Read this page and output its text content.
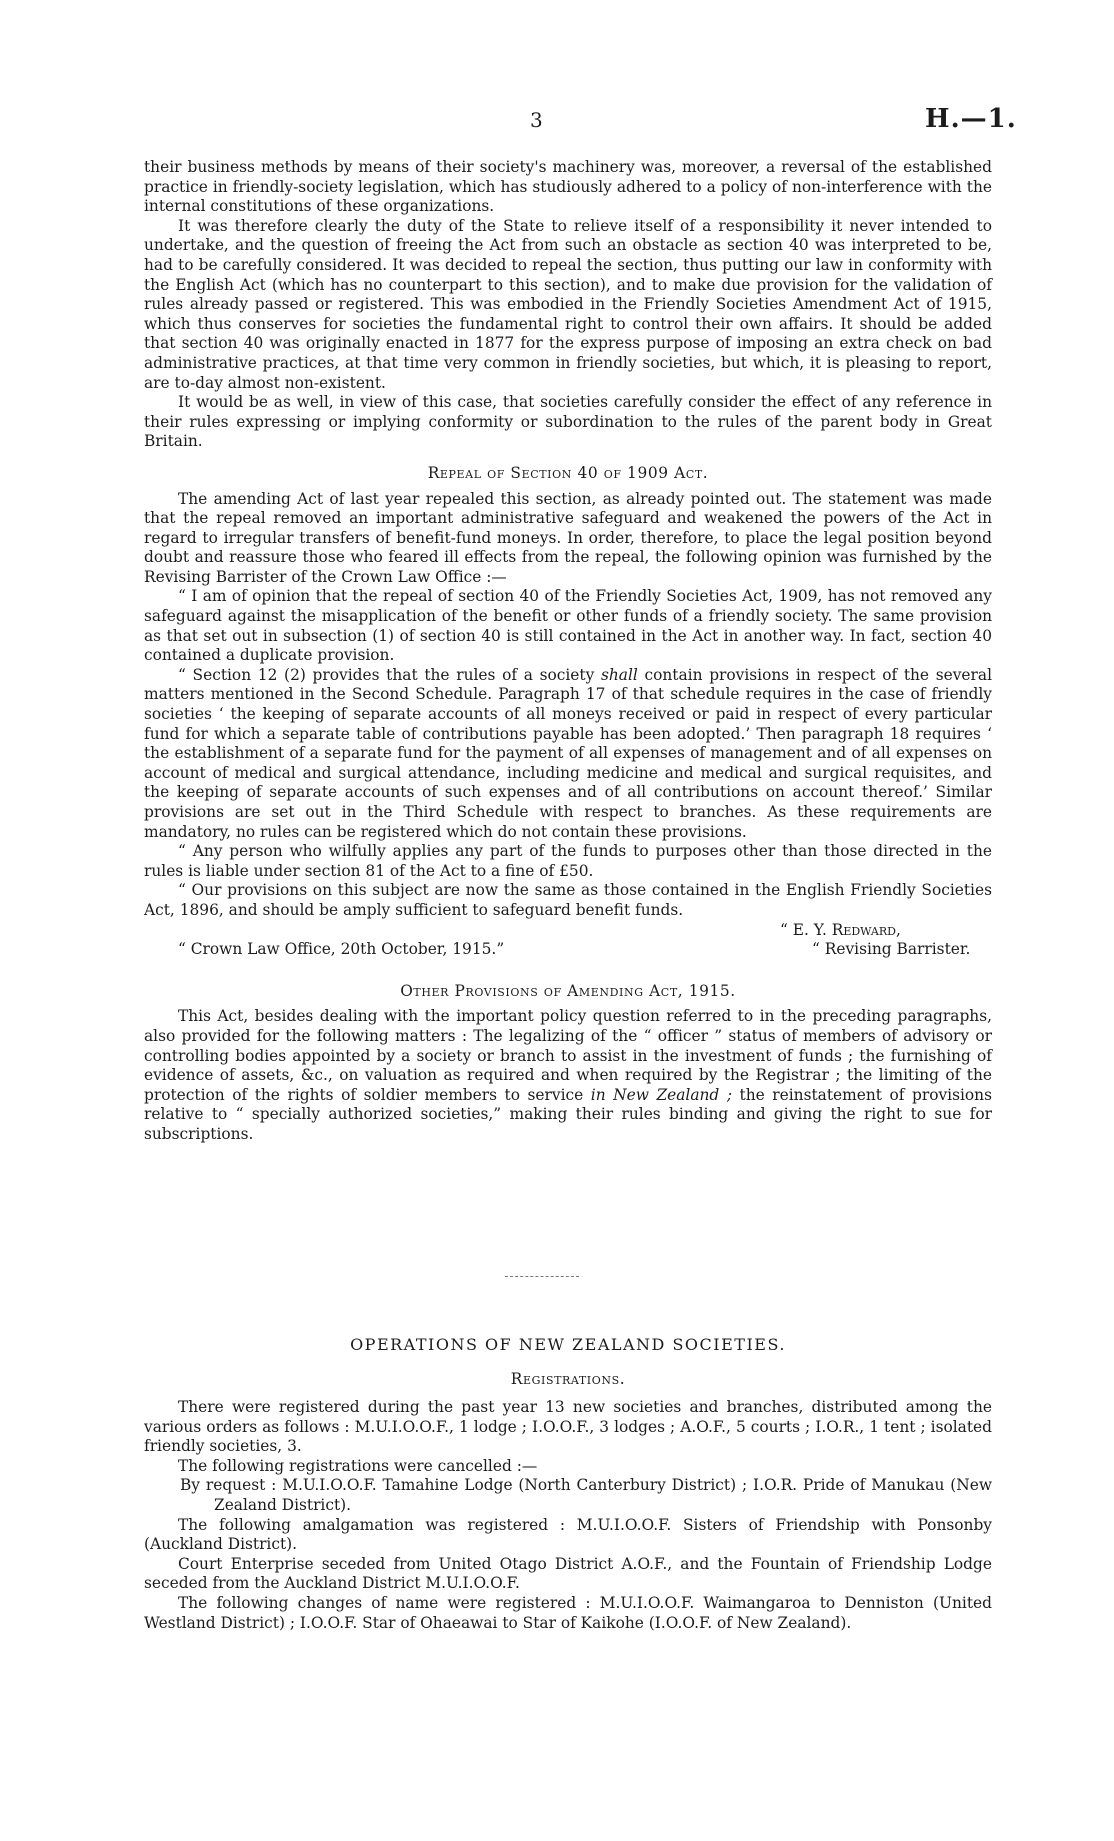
3	H.—1.

their business methods by means of their society's machinery was, moreover, a reversal of the established practice in friendly-society legislation, which has studiously adhered to a policy of non-interference with the internal constitutions of these organizations.

It was therefore clearly the duty of the State to relieve itself of a responsibility it never intended to undertake, and the question of freeing the Act from such an obstacle as section 40 was interpreted to be, had to be carefully considered. It was decided to repeal the section, thus putting our law in conformity with the English Act (which has no counterpart to this section), and to make due provision for the validation of rules already passed or registered. This was embodied in the Friendly Societies Amendment Act of 1915, which thus conserves for societies the fundamental right to control their own affairs. It should be added that section 40 was originally enacted in 1877 for the express purpose of imposing an extra check on bad administrative practices, at that time very common in friendly societies, but which, it is pleasing to report, are to-day almost non-existent.

It would be as well, in view of this case, that societies carefully consider the effect of any reference in their rules expressing or implying conformity or subordination to the rules of the parent body in Great Britain.

Repeal of Section 40 of 1909 Act.

The amending Act of last year repealed this section, as already pointed out. The statement was made that the repeal removed an important administrative safeguard and weakened the powers of the Act in regard to irregular transfers of benefit-fund moneys. In order, therefore, to place the legal position beyond doubt and reassure those who feared ill effects from the repeal, the following opinion was furnished by the Revising Barrister of the Crown Law Office :—

“ I am of opinion that the repeal of section 40 of the Friendly Societies Act, 1909, has not removed any safeguard against the misapplication of the benefit or other funds of a friendly society. The same provision as that set out in subsection (1) of section 40 is still contained in the Act in another way. In fact, section 40 contained a duplicate provision.

“ Section 12 (2) provides that the rules of a society shall contain provisions in respect of the several matters mentioned in the Second Schedule. Paragraph 17 of that schedule requires in the case of friendly societies ‘ the keeping of separate accounts of all moneys received or paid in respect of every particular fund for which a separate table of contributions payable has been adopted.’ Then paragraph 18 requires ‘ the establishment of a separate fund for the payment of all expenses of management and of all expenses on account of medical and surgical attendance, including medicine and medical and surgical requisites, and the keeping of separate accounts of such expenses and of all contributions on account thereof.’ Similar provisions are set out in the Third Schedule with respect to branches. As these requirements are mandatory, no rules can be registered which do not contain these provisions.

“ Any person who wilfully applies any part of the funds to purposes other than those directed in the rules is liable under section 81 of the Act to a fine of £50.

“ Our provisions on this subject are now the same as those contained in the English Friendly Societies Act, 1896, and should be amply sufficient to safeguard benefit funds.

“ E. Y. Redward,
“ Crown Law Office, 20th October, 1915.”	“ Revising Barrister.
Other Provisions of Amending Act, 1915.

This Act, besides dealing with the important policy question referred to in the preceding paragraphs, also provided for the following matters : The legalizing of the “ officer ” status of members of advisory or controlling bodies appointed by a society or branch to assist in the investment of funds ; the furnishing of evidence of assets, &c., on valuation as required and when required by the Registrar ; the limiting of the protection of the rights of soldier members to service in New Zealand ; the reinstatement of provisions relative to “ specially authorized societies,” making their rules binding and giving the right to sue for subscriptions.

OPERATIONS OF NEW ZEALAND SOCIETIES.
Registrations.

There were registered during the past year 13 new societies and branches, distributed among the various orders as follows : M.U.I.O.O.F., 1 lodge ; I.O.O.F., 3 lodges ; A.O.F., 5 courts ; I.O.R., 1 tent ; isolated friendly societies, 3.

The following registrations were cancelled :—

By request : M.U.I.O.O.F. Tamahine Lodge (North Canterbury District) ; I.O.R. Pride of Manukau (New Zealand District).

The following amalgamation was registered : M.U.I.O.O.F. Sisters of Friendship with Ponsonby (Auckland District).

Court Enterprise seceded from United Otago District A.O.F., and the Fountain of Friendship Lodge seceded from the Auckland District M.U.I.O.O.F.

The following changes of name were registered : M.U.I.O.O.F. Waimangaroa to Denniston (United Westland District) ; I.O.O.F. Star of Ohaeawai to Star of Kaikohe (I.O.O.F. of New Zealand).
